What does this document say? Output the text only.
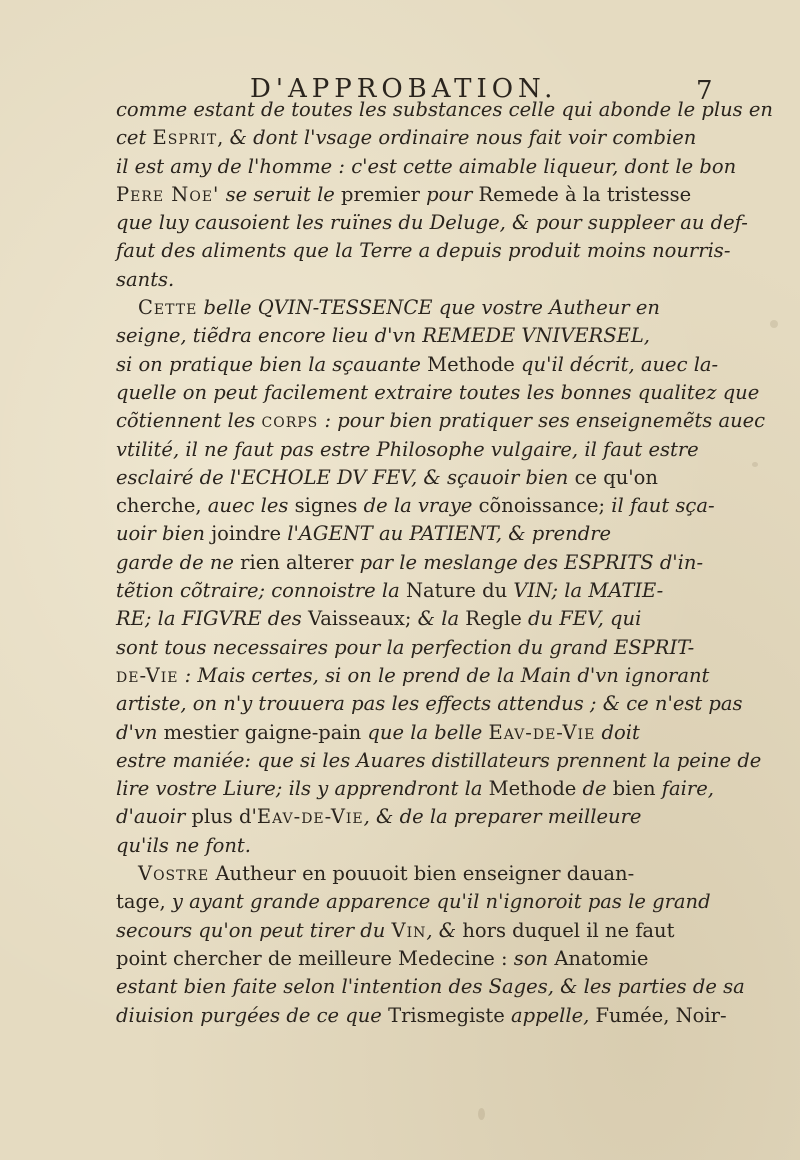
D'APPROBATION.	7
comme estant de toutes les substances celle qui abonde le plus en
cet Esprit, & dont l'vsage ordinaire nous fait voir combien
il est amy de l'homme : c'est cette aimable liqueur, dont le bon
Pere Noe' se seruit le premier pour Remede à la tristesse
que luy causoient les ruïnes du Deluge, & pour suppleer au def-
faut des aliments que la Terre a depuis produit moins nourris-
sants.
Cette belle QVIN-TESSENCE que vostre Autheur en
seigne, tiẽdra encore lieu d'vn REMEDE VNIVERSEL,
si on pratique bien la sçauante Methode qu'il décrit, auec la-
quelle on peut facilement extraire toutes les bonnes qualitez que
cõtiennent les corps : pour bien pratiquer ses enseignemẽts auec
vtilité, il ne faut pas estre Philosophe vulgaire, il faut estre
esclairé de l'ECHOLE DV FEV, & sçauoir bien ce qu'on
cherche, auec les signes de la vraye cõnoissance; il faut sça-
uoir bien joindre l'AGENT au PATIENT, & prendre
garde de ne rien alterer par le meslange des ESPRITS d'in-
tẽtion cõtraire; connoistre la Nature du VIN; la MATIE-
RE; la FIGVRE des Vaisseaux; & la Regle du FEV, qui
sont tous necessaires pour la perfection du grand ESPRIT-
de-Vie : Mais certes, si on le prend de la Main d'vn ignorant
artiste, on n'y trouuera pas les effects attendus ; & ce n'est pas
d'vn mestier gaigne-pain que la belle Eav-de-Vie doit
estre maniée: que si les Auares distillateurs prennent la peine de
lire vostre Liure; ils y apprendront la Methode de bien faire,
d'auoir plus d'Eav-de-Vie, & de la preparer meilleure
qu'ils ne font.
Vostre Autheur en pouuoit bien enseigner dauan-
tage, y ayant grande apparence qu'il n'ignoroit pas le grand
secours qu'on peut tirer du Vin, & hors duquel il ne faut
point chercher de meilleure Medecine : son Anatomie
estant bien faite selon l'intention des Sages, & les parties de sa
diuision purgées de ce que Trismegiste appelle, Fumée, Noir-
